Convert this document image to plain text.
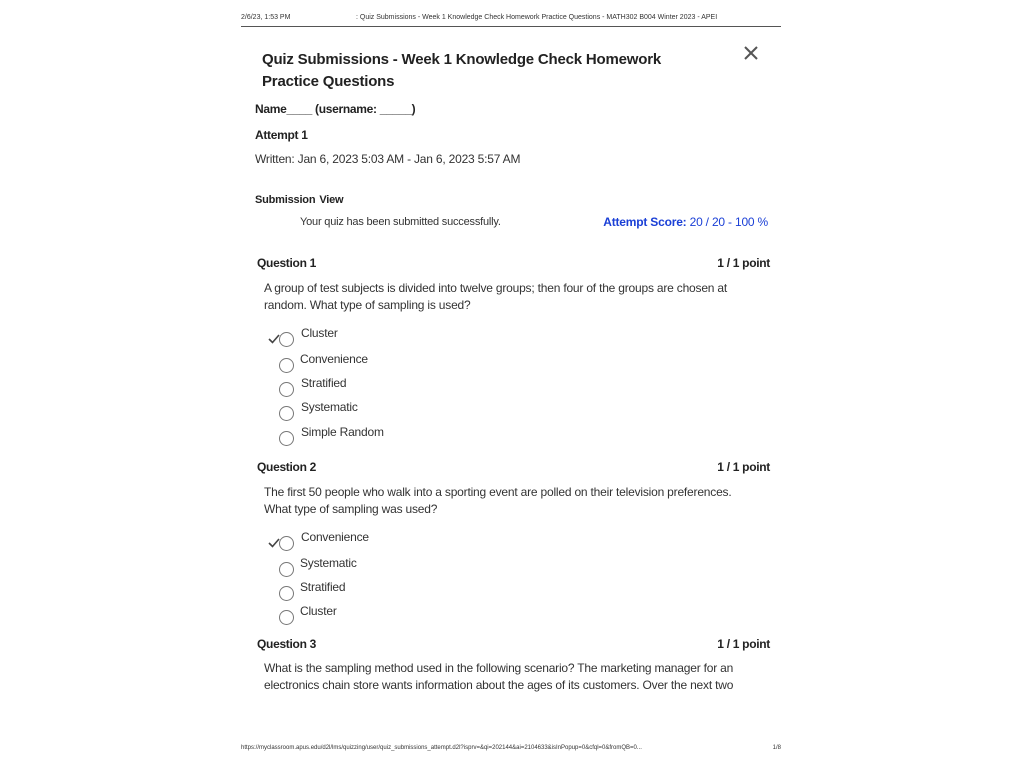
2/6/23, 1:53 PM	: Quiz Submissions - Week 1 Knowledge Check Homework Practice Questions - MATH302 B004 Winter 2023 - APEI
Quiz Submissions - Week 1 Knowledge Check Homework Practice Questions
Name____ (username: _____)
Attempt 1
Written: Jan 6, 2023 5:03 AM - Jan 6, 2023 5:57 AM
Submission View
Your quiz has been submitted successfully.	Attempt Score: 20 / 20 - 100 %
Question 1	1 / 1 point
A group of test subjects is divided into twelve groups; then four of the groups are chosen at random. What type of sampling is used?
Cluster
Convenience
Stratified
Systematic
Simple Random
Question 2	1 / 1 point
The first 50 people who walk into a sporting event are polled on their television preferences. What type of sampling was used?
Convenience
Systematic
Stratified
Cluster
Question 3	1 / 1 point
What is the sampling method used in the following scenario? The marketing manager for an electronics chain store wants information about the ages of its customers. Over the next two
https://myclassroom.apus.edu/d2l/lms/quizzing/user/quiz_submissions_attempt.d2l?isprv=&qi=202144&ai=2104633&isInPopup=0&cfql=0&fromQB=0...	1/8
